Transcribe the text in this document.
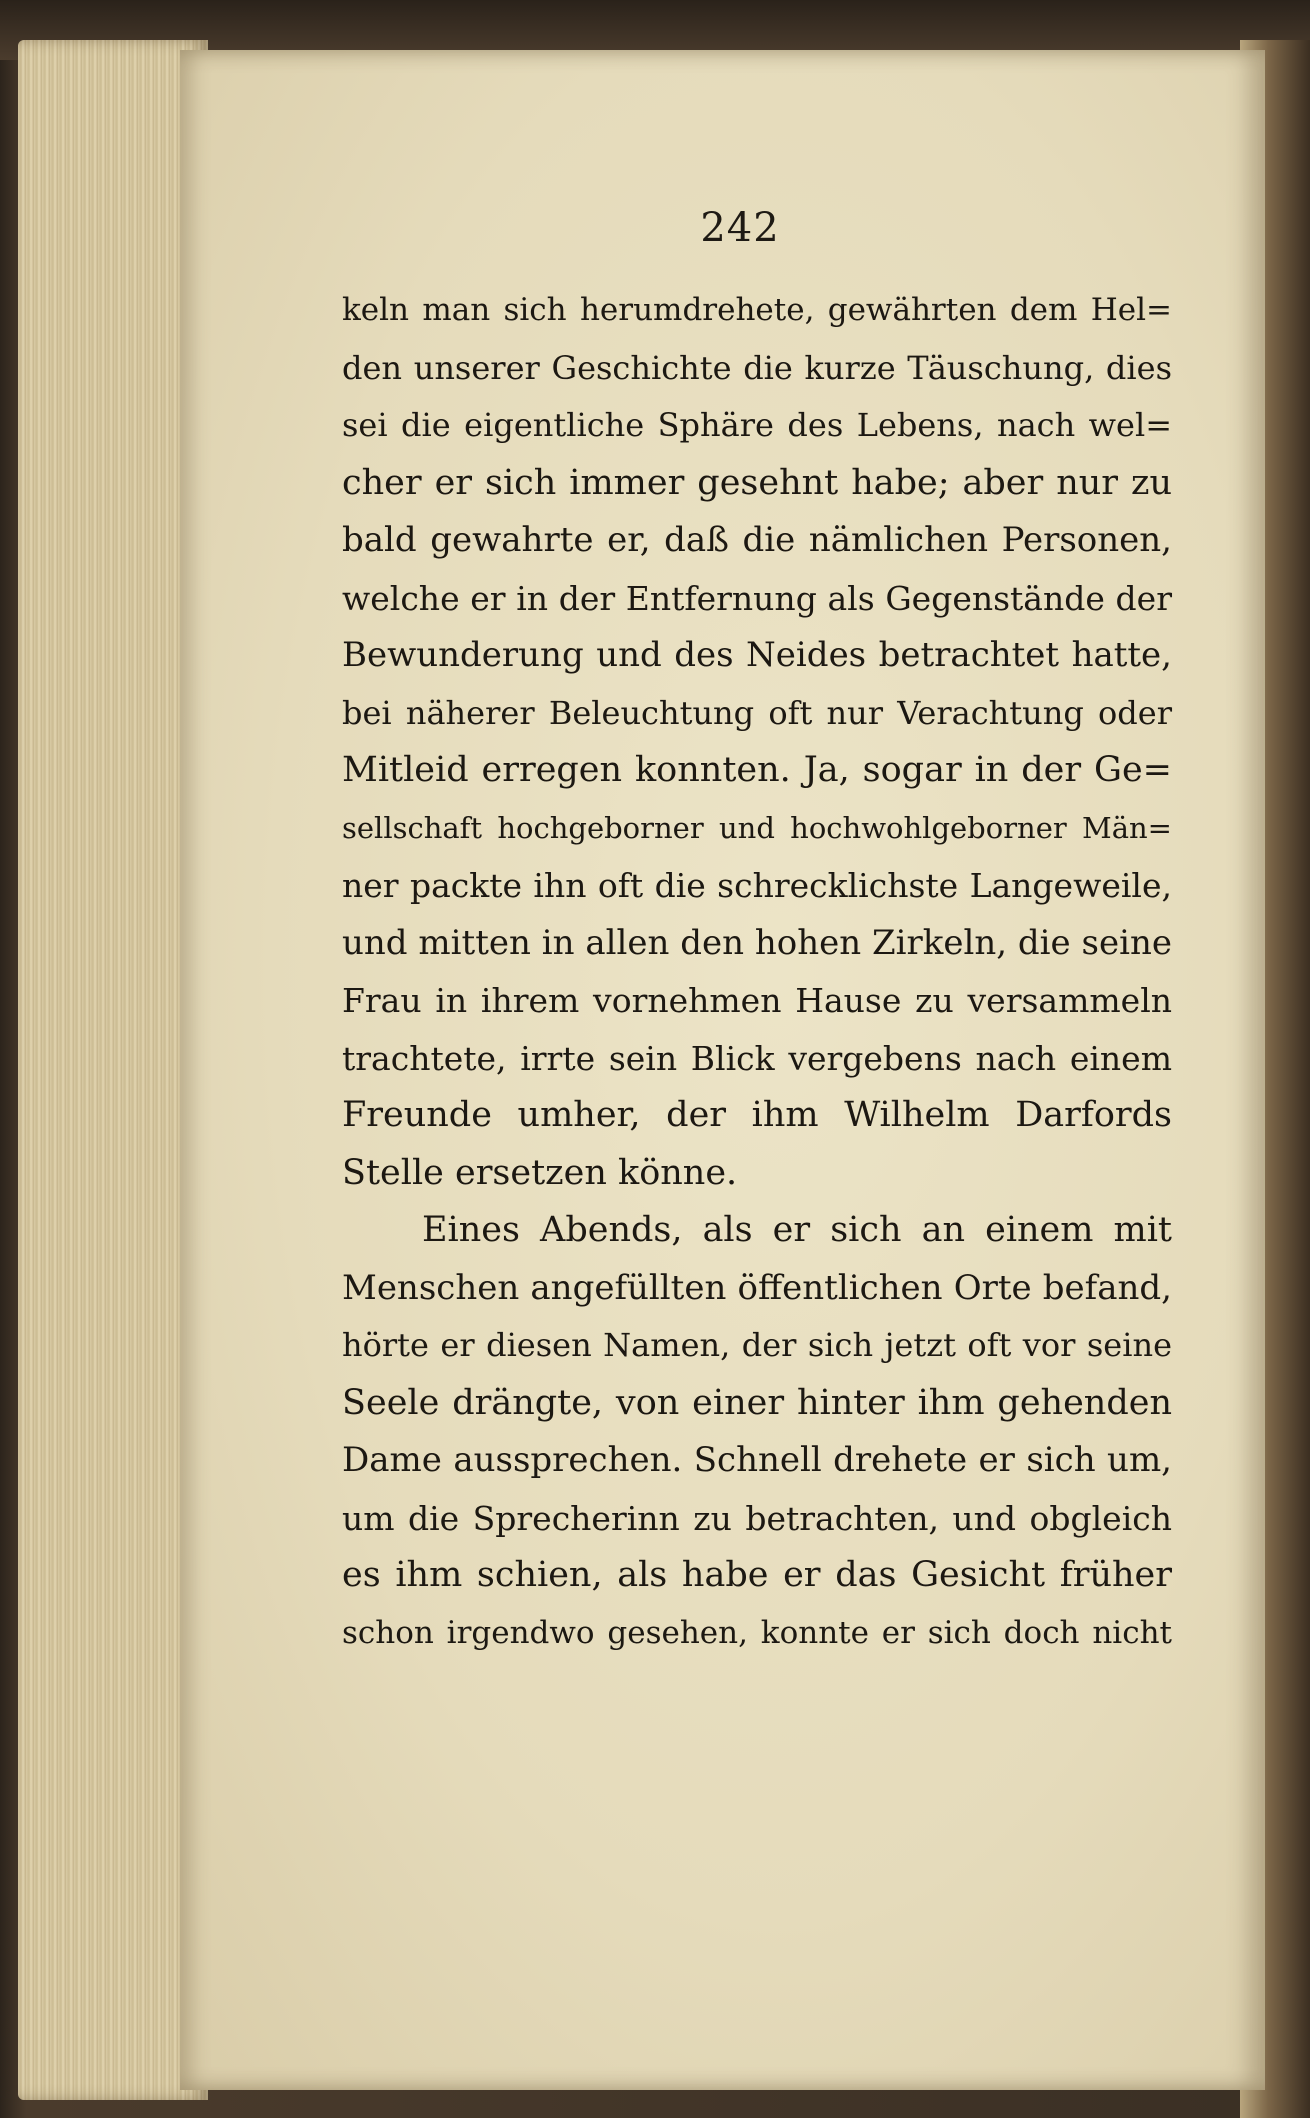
242
keln man sich herumdrehete, gewährten dem Hel=
den unserer Geschichte die kurze Täuschung, dies
sei die eigentliche Sphäre des Lebens, nach wel=
cher er sich immer gesehnt habe; aber nur zu
bald gewahrte er, daß die nämlichen Personen,
welche er in der Entfernung als Gegenstände der
Bewunderung und des Neides betrachtet hatte,
bei näherer Beleuchtung oft nur Verachtung oder
Mitleid erregen konnten. Ja, sogar in der Ge=
sellschaft hochgeborner und hochwohlgeborner Män=
ner packte ihn oft die schrecklichste Langeweile,
und mitten in allen den hohen Zirkeln, die seine
Frau in ihrem vornehmen Hause zu versammeln
trachtete, irrte sein Blick vergebens nach einem
Freunde umher, der ihm Wilhelm Darfords
Stelle ersetzen könne.
Eines Abends, als er sich an einem mit
Menschen angefüllten öffentlichen Orte befand,
hörte er diesen Namen, der sich jetzt oft vor seine
Seele drängte, von einer hinter ihm gehenden
Dame aussprechen. Schnell drehete er sich um,
um die Sprecherinn zu betrachten, und obgleich
es ihm schien, als habe er das Gesicht früher
schon irgendwo gesehen, konnte er sich doch nicht
